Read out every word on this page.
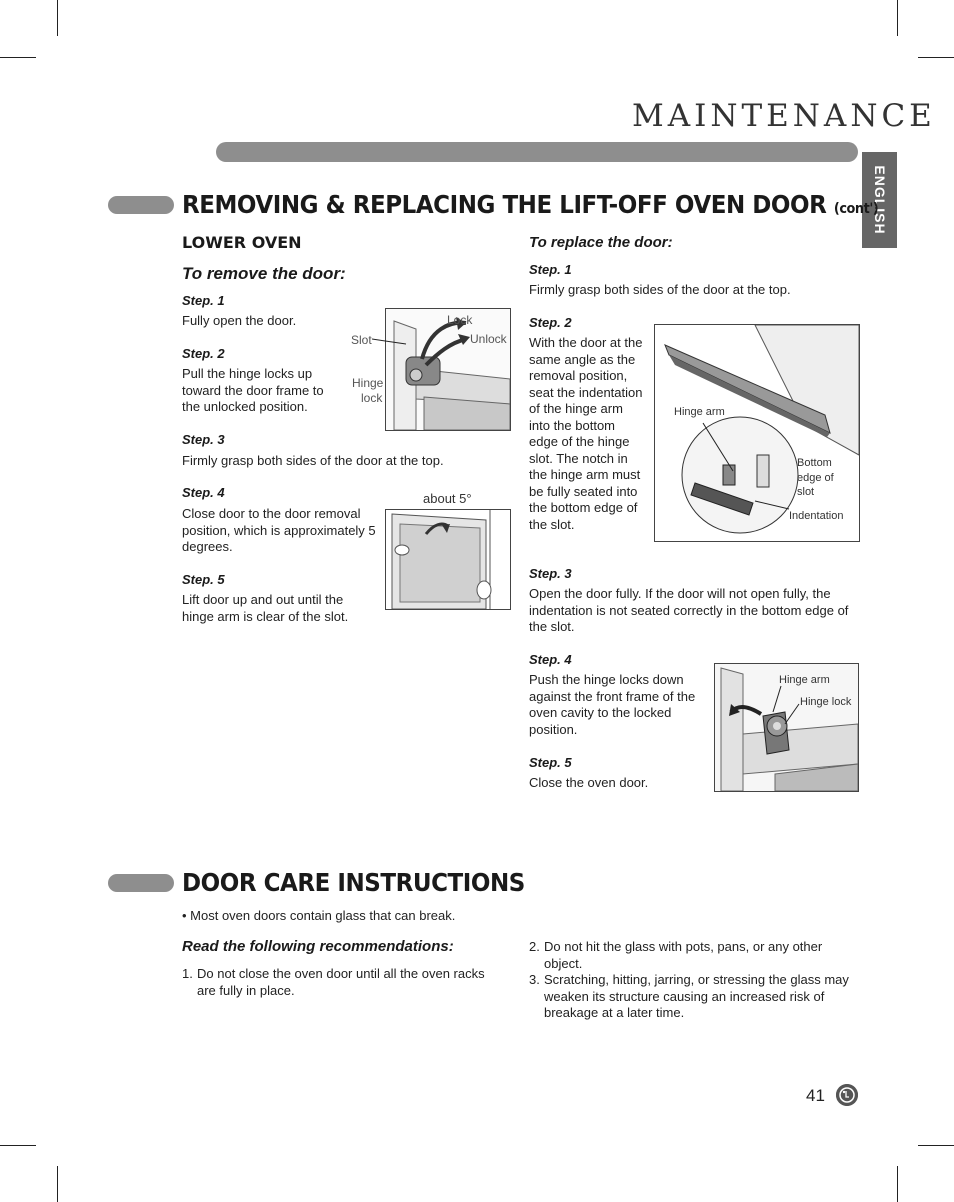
MAINTENANCE
ENGLISH
REMOVING & REPLACING THE LIFT-OFF OVEN DOOR (cont')
LOWER OVEN
To remove the door:
Step. 1
Fully open the door.
Step. 2
Pull the hinge locks up toward the door frame to the unlocked position.
Step. 3
Firmly grasp both sides of the door at the top.
Step. 4
Close door to the door removal position, which is approximately 5 degrees.
Step. 5
Lift door up and out until the hinge arm is clear of the slot.
Lock
Unlock
Slot
Hinge
lock
about 5°
To replace the door:
Step. 1
Firmly grasp both sides of the door at the top.
Step. 2
With the door at the same angle as the removal position, seat the indentation of the hinge arm into the bottom edge of the hinge slot. The notch in the hinge arm must be fully seated into the bottom edge of the slot.
Hinge arm
Bottom edge of slot
Indentation
Step. 3
Open the door fully. If the door will not open fully, the indentation is not seated correctly in the bottom edge of the slot.
Step. 4
Push the hinge locks down against the front frame of the oven cavity to the locked position.
Step. 5
Close the oven door.
Hinge arm
Hinge lock
DOOR CARE INSTRUCTIONS
• Most oven doors contain glass that can break.
Read the following recommendations:
1. Do not close the oven door until all the oven racks are fully in place.
2. Do not hit the glass with pots, pans, or any other object.
3. Scratching, hitting, jarring, or stressing the glass may weaken its structure causing an increased risk of breakage at a later time.
41
